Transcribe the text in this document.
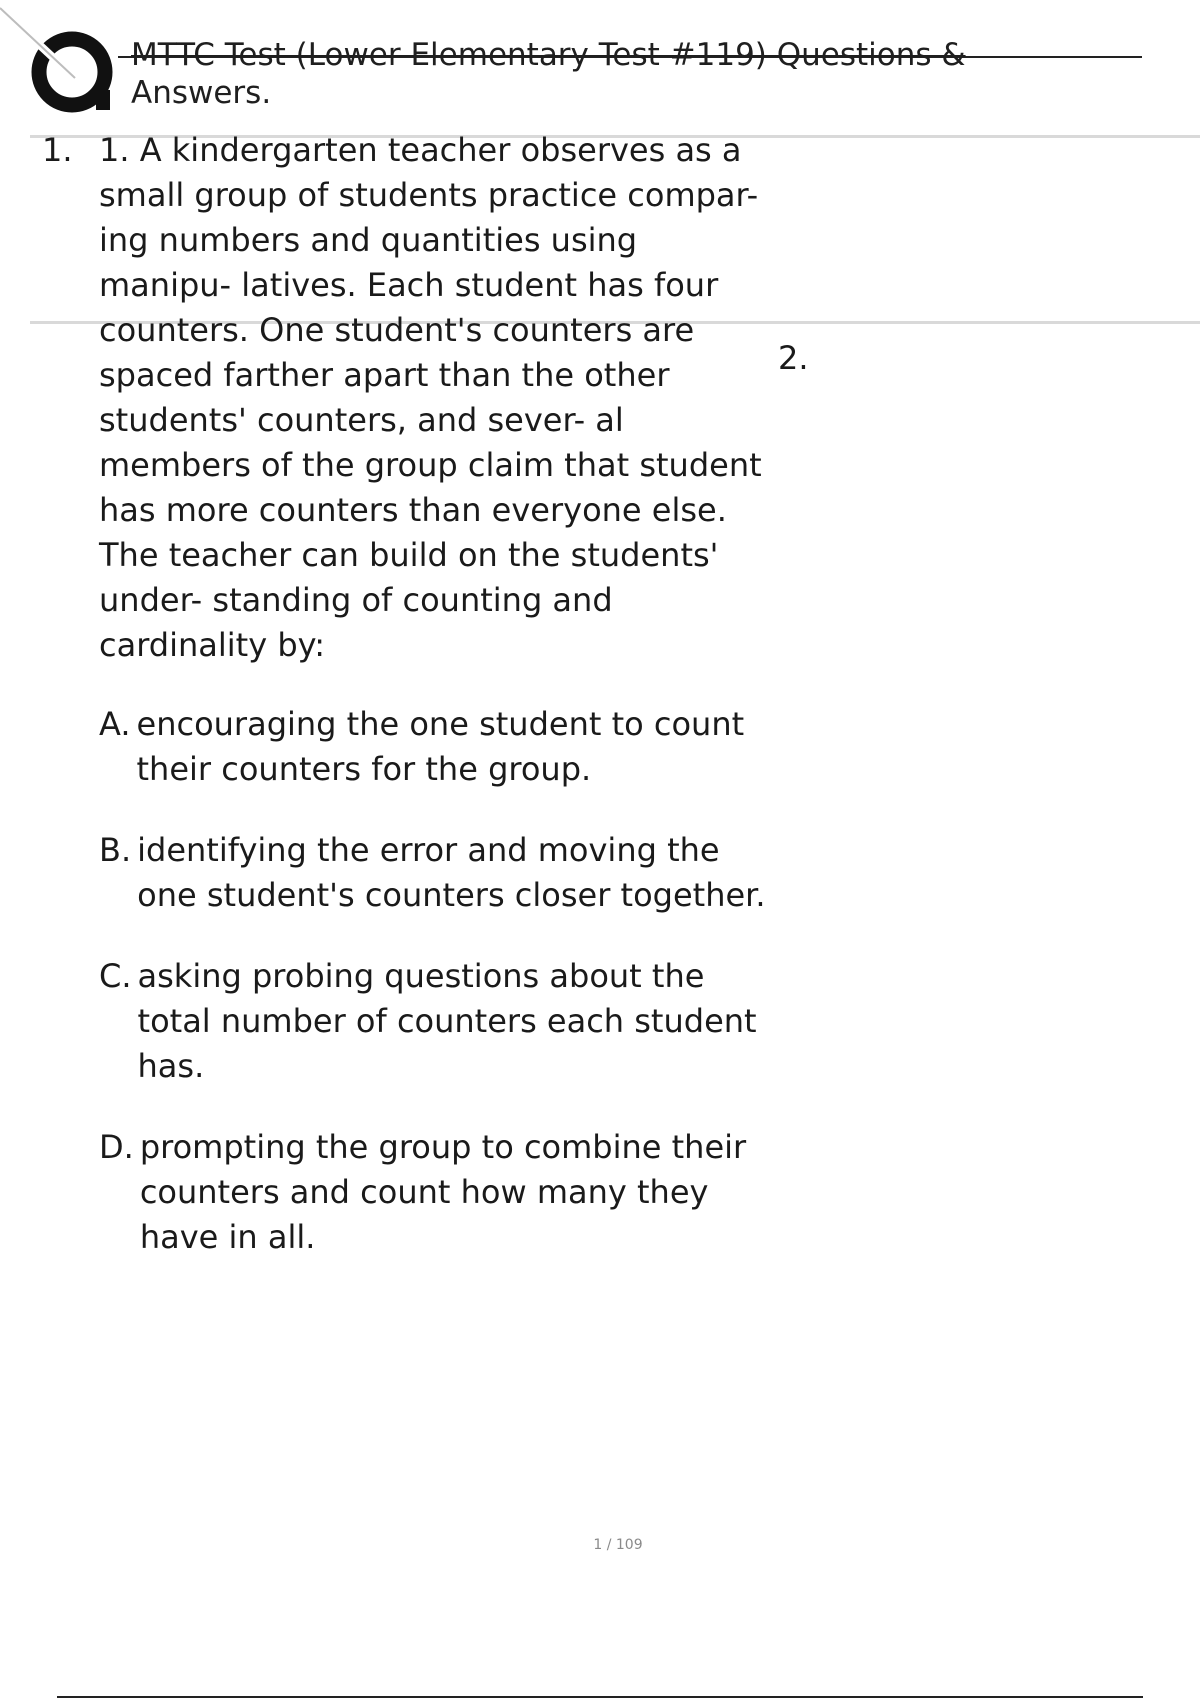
MTTC Test (Lower Elementary Test #119) Questions &
Answers.
1. 1. A kindergarten teacher observes as a small group of students practice compar- ing numbers and quantities using manipu- latives. Each student has four counters. One student's counters are spaced farther apart than the other students' counters, and sever- al members of the group claim that student has more counters than everyone else. The teacher can build on the students' under- standing of counting and cardinality by:

A. encouraging the one student to count their counters for the group.
B. identifying the error and moving the one student's counters closer together.
C. asking probing questions about the total number of counters each student has.
D. prompting the group to combine their counters and count how many they have in all.
2.
1 / 109
